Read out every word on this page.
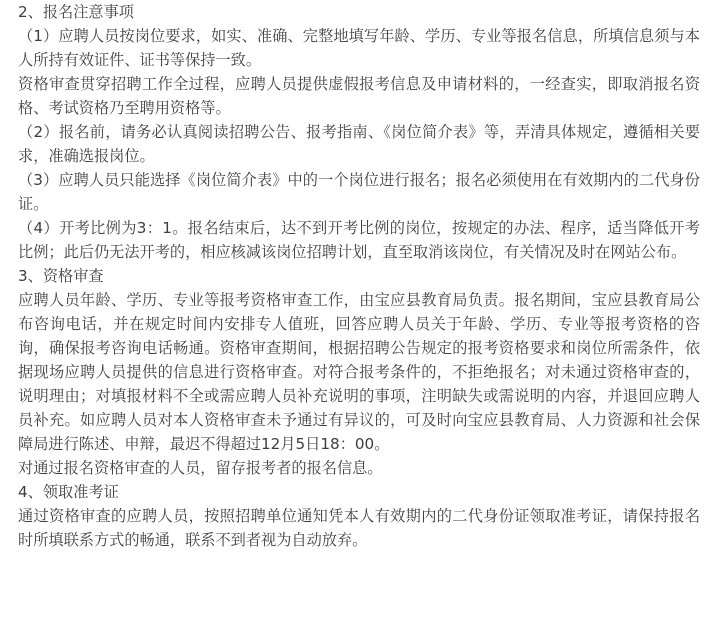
2、报名注意事项

（1）应聘人员按岗位要求，如实、准确、完整地填写年龄、学历、专业等报名信息，所填信息须与本人所持有效证件、证书等保持一致。

资格审查贯穿招聘工作全过程，应聘人员提供虚假报考信息及申请材料的，一经查实，即取消报名资格、考试资格乃至聘用资格等。

（2）报名前，请务必认真阅读招聘公告、报考指南、《岗位简介表》等，弄清具体规定，遵循相关要求，准确选报岗位。

（3）应聘人员只能选择《岗位简介表》中的一个岗位进行报名；报名必须使用在有效期内的二代身份证。

（4）开考比例为3：1。报名结束后，达不到开考比例的岗位，按规定的办法、程序，适当降低开考比例；此后仍无法开考的，相应核减该岗位招聘计划，直至取消该岗位，有关情况及时在网站公布。

3、资格审查

应聘人员年龄、学历、专业等报考资格审查工作，由宝应县教育局负责。报名期间，宝应县教育局公布咨询电话，并在规定时间内安排专人值班，回答应聘人员关于年龄、学历、专业等报考资格的咨询，确保报考咨询电话畅通。资格审查期间，根据招聘公告规定的报考资格要求和岗位所需条件，依据现场应聘人员提供的信息进行资格审查。对符合报考条件的，不拒绝报名；对未通过资格审查的，说明理由；对填报材料不全或需应聘人员补充说明的事项，注明缺失或需说明的内容，并退回应聘人员补充。如应聘人员对本人资格审查未予通过有异议的，可及时向宝应县教育局、人力资源和社会保障局进行陈述、申辩，最迟不得超过12月5日18：00。

对通过报名资格审查的人员，留存报考者的报名信息。

4、领取准考证

通过资格审查的应聘人员，按照招聘单位通知凭本人有效期内的二代身份证领取准考证，请保持报名时所填联系方式的畅通，联系不到者视为自动放弃。
